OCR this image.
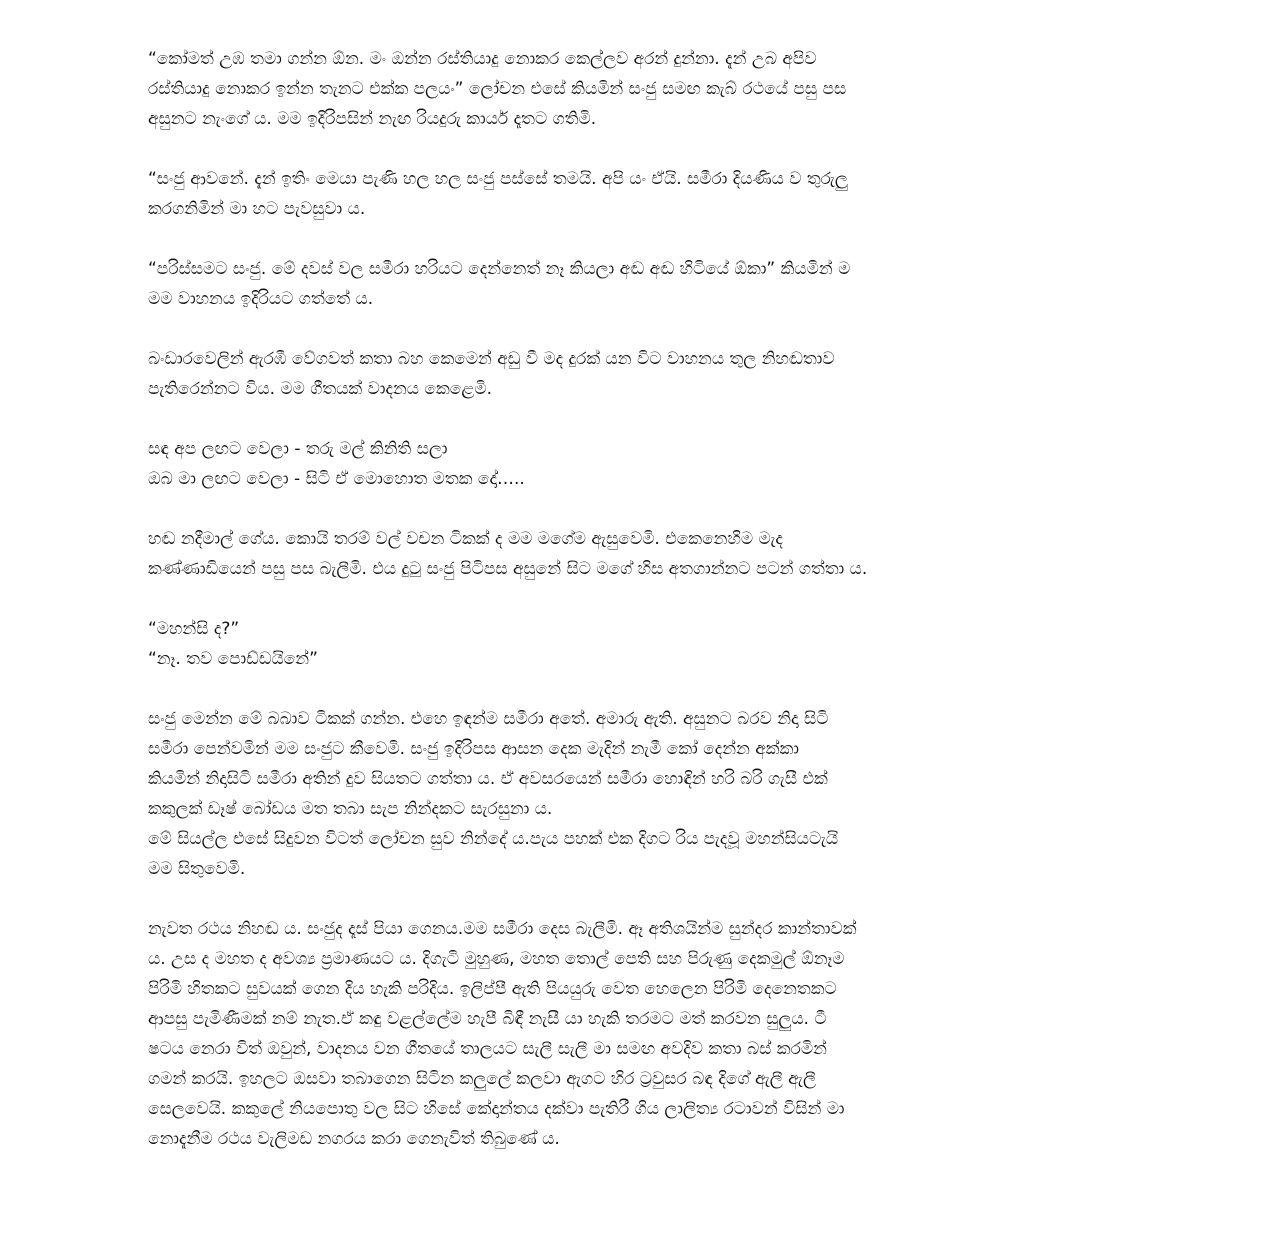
“කෝමත් උඹ තමා ගන්න ඕන. මං ඔන්න රස්තියාදු නොකර කෙල්ලව අරන් දුන්නා. දැන් උබ අපිව
රස්තියාදු නොකර ඉන්න තැනට එක්ක පලයං” ලෝචන එසේ කියමින් සංජු සමඟ කැබ් රථයේ පසු පස
අසුනට නැංගේ ය. මම ඉදිරිපසින් නැඟ රියදුරු කාර්ය දෑතට ගතිමි.

“සංජු ආවනේ. දැන් ඉතිං මෙයා පැණි හල හල සංජු පස්සේ තමයි. අපි යං ඒයි. සමීරා දියණිය ව තුරුලු
කරගනිමින් මා හට පැවසුවා ය.

“පරිස්සමට සංජු. මේ දවස් වල සමීරා හරියට දෙන්නෙත් නෑ කියලා අඬ අඬ හිටියේ ඕකා” කියමින් ම
මම වාහනය ඉදිරියට ගත්තේ ය.

බංඩාරවෙලින් ඇරඹී වේගවත් කතා බහ කෙමෙන් අඩු වී මද දුරක් යන විට වාහනය තුල නිහඬතාව
පැතිරෙන්නට විය. මම ගීතයක් වාදනය කෙළෙමි.

සඳ අප ලඟට වෙලා - තරු මල් කිනිති සලා
ඔබ මා ලඟට වෙලා - සිටි ඒ මොහොත මතක දෝ…..

හඬ නදීමාල් ගේය. කොයි තරම් වල් වචන ටිකක් ද මම මගේම ඇසුවෙමි. එකෙනෙහිම මැද
කණ්ණාඩියෙන් පසු පස බැලීමි. එය දුටු සංජු පිටිපස අසුනේ සිට මගේ හිස අතගාන්නට පටන් ගත්තා ය.

“මහන්සි ද?”
“නෑ. තව පොඩ්ඩයිනේ”

සංජු මෙන්න මේ බබාව ටිකක් ගන්න. එහෙ ඉඳන්ම සමීරා අතේ. අමාරු ඇති. අසුනට බරව නිදා සිටි
සමීරා පෙන්වමින් මම සංජුට කීවෙමි. සංජු ඉදිරිපස ආසන දෙක මැදින් නැමී කෝ දෙන්න අක්කා
කියමින් නිදාසිටි සමීරා අතින් දුව සියතට ගත්තා ය. ඒ අවසරයෙන් සමීරා හොඳින් හරි බරි ගැසී එක්
කකුලක් ඩෑෂ් බෝඩය මත තබා සැප නින්දකට සැරසුනා ය.
මේ සියල්ල එසේ සිදුවන විටත් ලෝචන සුව නින්දේ ය.පැය පහක් එක දිගට රිය පැදවූ මහන්සියටැයි
මම සිතුවෙමි.

නැවත රථය නිහඬ ය. සංජුද දෑස් පියා ගෙනය.මම සමීරා දෙස බැලීමි. ඈ අතිශයින්ම සුන්දර කාන්තාවක්
ය. උස ද මහත ද අවශ්‍ය ප්‍රමාණයට ය. දිගැටි මුහුණ, මහත තොල් පෙති සහ පිරුණු දෙකමුල් ඕනෑම
පිරිමි හිතකට සුවයක් ගෙන දිය හැකි පරිදිය. ඉලිප්පී ඇති පියයුරු වෙත හෙලෙන පිරිමි දෙනෙතකට
ආපසු පැමිණීමක් නම් නැත.ඒ කඳු වළල්ලේම හැපී බිඳී නැසී යා හැකි තරමට මත් කරවන සුලුය. ටී
ෂටය නෙරා විත් ඔවුන්, වාදනය වන ගීතයේ තාලයට සැලී සැලී මා සමඟ අවදිව කතා බස් කරමින්
ගමන් කරයි. ඉහලට ඔසවා තබාගෙන සිටින කලුලේ කලවා ඇගට හිර ට්‍රවුසර බඳ දිගේ ඇලී ඇලී
සෙලවෙයි. කකුලේ නියපොතු වල සිට හිසේ කේදාන්තය දක්වා පැතිරී ගිය ලාලිත්‍ය රටාවන් විසින් මා
නොදැනීම රථය වැලිමඩ නගරය කරා ගෙනැවිත් තිබුණේ ය.
